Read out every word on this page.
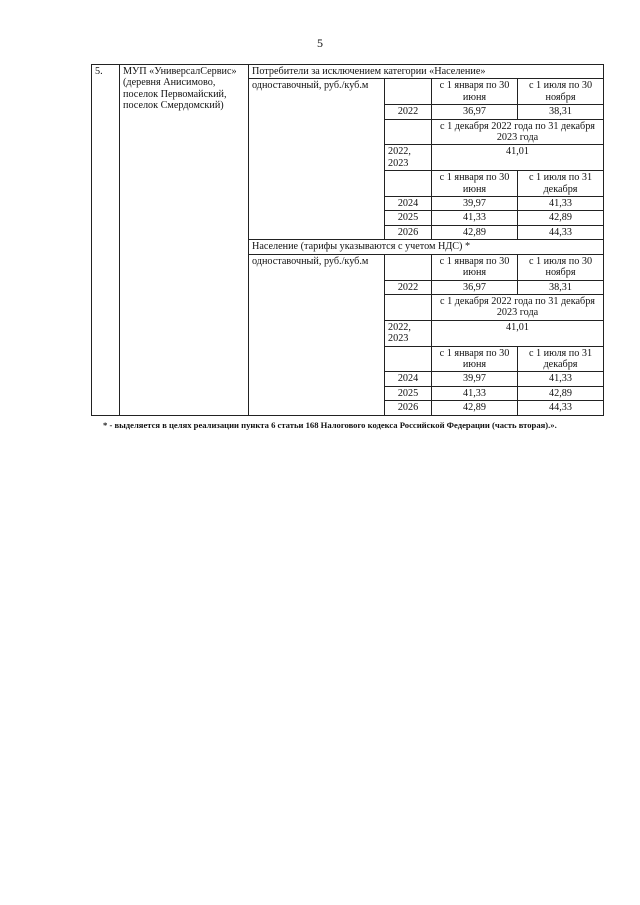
5
5.	МУП «УниверсалСервис» (деревня Анисимово, поселок Первомайский, поселок Смердомский)	Потребители за исключением категории «Население»			
		одноставочный, руб./куб.м		с 1 января по 30 июня	с 1 июля по 30 ноября
			2022	36,97	38,31
				с 1 декабря 2022 года по 31 декабря 2023 года	
			2022, 2023	41,01	
				с 1 января по 30 июня	с 1 июля по 31 декабря
			2024	39,97	41,33
			2025	41,33	42,89
			2026	42,89	44,33
		Население (тарифы указываются с учетом НДС) *			
		одноставочный, руб./куб.м		с 1 января по 30 июня	с 1 июля по 30 ноября
			2022	36,97	38,31
				с 1 декабря 2022 года по 31 декабря 2023 года	
			2022, 2023	41,01	
				с 1 января по 30 июня	с 1 июля по 31 декабря
			2024	39,97	41,33
			2025	41,33	42,89
			2026	42,89	44,33
* - выделяется в целях реализации пункта 6 статьи 168 Налогового кодекса Российской Федерации (часть вторая).».
